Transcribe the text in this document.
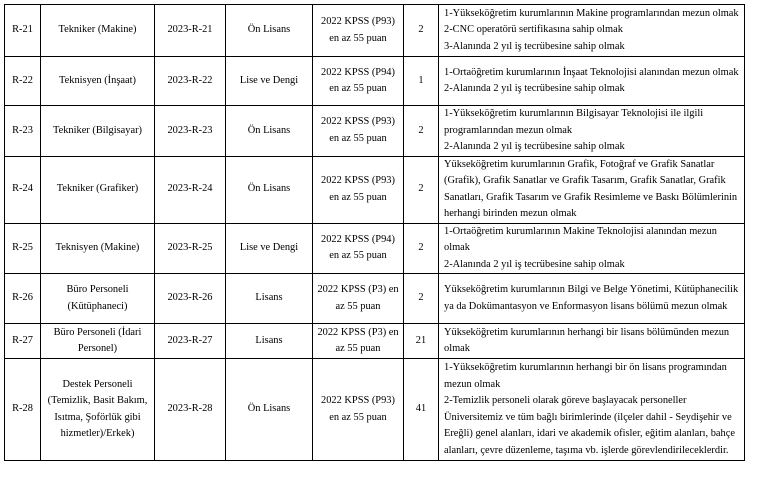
R-21	Tekniker (Makine)	2023-R-21	Ön Lisans	2022 KPSS (P93) en az 55 puan	2	1-Yükseköğretim kurumlarının Makine programlarından mezun olmak
2-CNC operatörü sertifikasına sahip olmak
3-Alanında 2 yıl iş tecrübesine sahip olmak

R-22	Teknisyen (İnşaat)	2023-R-22	Lise ve Dengi	2022 KPSS (P94) en az 55 puan	1	1-Ortaöğretim kurumlarının İnşaat Teknolojisi alanından mezun olmak
2-Alanında 2 yıl iş tecrübesine sahip olmak

R-23	Tekniker (Bilgisayar)	2023-R-23	Ön Lisans	2022 KPSS (P93) en az 55 puan	2	1-Yükseköğretim kurumlarının Bilgisayar Teknolojisi ile ilgili programlarından mezun olmak
2-Alanında 2 yıl iş tecrübesine sahip olmak

R-24	Tekniker (Grafiker)	2023-R-24	Ön Lisans	2022 KPSS (P93) en az 55 puan	2	Yükseköğretim kurumlarının Grafik, Fotoğraf ve Grafik Sanatlar (Grafik), Grafik Sanatlar ve Grafik Tasarım, Grafik Sanatlar, Grafik Sanatları, Grafik Tasarım ve Grafik Resimleme ve Baskı Bölümlerinin herhangi birinden mezun olmak

R-25	Teknisyen (Makine)	2023-R-25	Lise ve Dengi	2022 KPSS (P94) en az 55 puan	2	1-Ortaöğretim kurumlarının Makine Teknolojisi alanından mezun olmak
2-Alanında 2 yıl iş tecrübesine sahip olmak

R-26	Büro Personeli (Kütüphaneci)	2023-R-26	Lisans	2022 KPSS (P3) en az 55 puan	2	Yükseköğretim kurumlarının Bilgi ve Belge Yönetimi, Kütüphanecilik ya da Dokümantasyon ve Enformasyon lisans bölümü mezun olmak

R-27	Büro Personeli (İdari Personel)	2023-R-27	Lisans	2022 KPSS (P3) en az 55 puan	21	Yükseköğretim kurumlarının herhangi bir lisans bölümünden mezun olmak

R-28	Destek Personeli (Temizlik, Basit Bakım, Isıtma, Şoförlük gibi hizmetler)/Erkek)	2023-R-28	Ön Lisans	2022 KPSS (P93) en az 55 puan	41	1-Yükseköğretim kurumlarının herhangi bir ön lisans programından mezun olmak
2-Temizlik personeli olarak göreve başlayacak personeller Üniversitemiz ve tüm bağlı birimlerinde (ilçeler dahil - Seydişehir ve Ereğli) genel alanları, idari ve akademik ofisler, eğitim alanları, bahçe alanları, çevre düzenleme, taşıma vb. işlerde görevlendirileceklerdir.
